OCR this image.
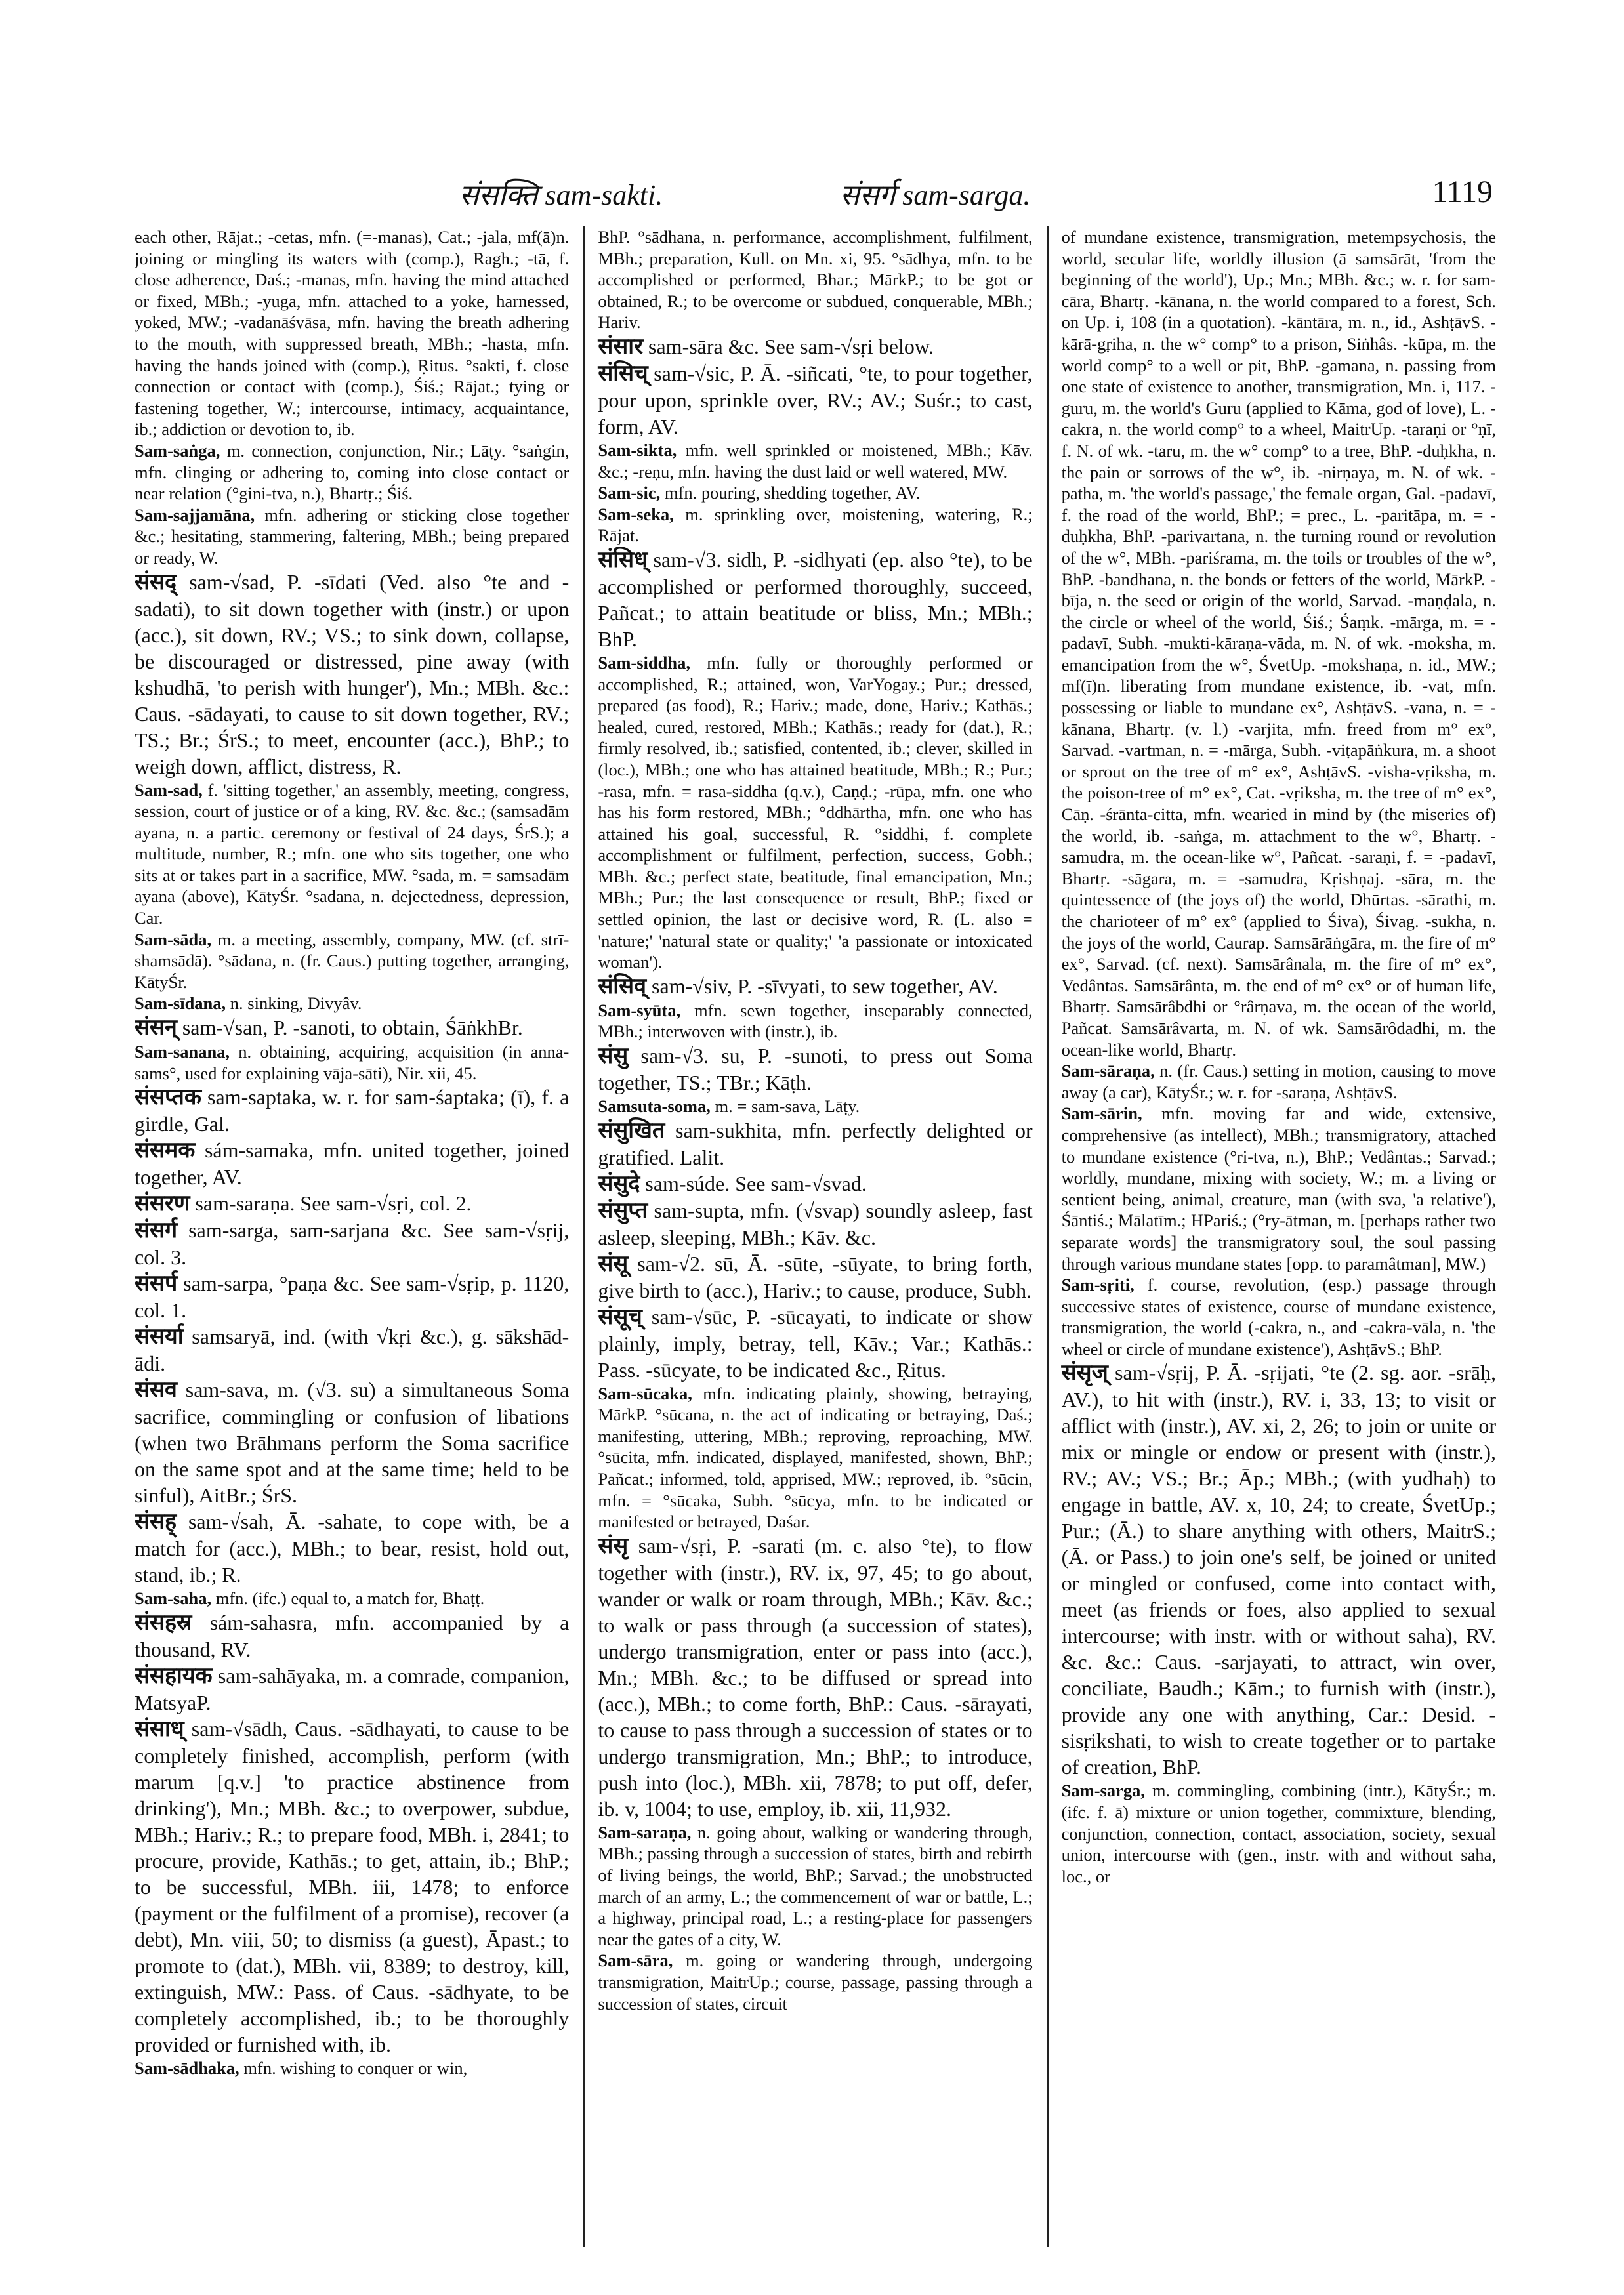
संसक्ति sam-sakti.	संसर्ग sam-sarga.	1119

each other, Rājat.; -cetas, mfn. (=-manas), Cat.; -jala, mf(ā)n. joining or mingling its waters with (comp.), Ragh.; -tā, f. close adherence, Daś.; -manas, mfn. having the mind attached or fixed, MBh.; -yuga, mfn. attached to a yoke, harnessed, yoked, MW.; -vadanāśvāsa, mfn. having the breath adhering to the mouth, with suppressed breath, MBh.; -hasta, mfn. having the hands joined with (comp.), Ṛitus. °sakti, f. close connection or contact with (comp.), Śiś.; Rājat.; tying or fastening together, W.; intercourse, intimacy, acquaintance, ib.; addiction or devotion to, ib.

Sam-saṅga, m. connection, conjunction, Nir.; Lāṭy. °saṅgin, mfn. clinging or adhering to, coming into close contact or near relation (°gini-tva, n.), Bhartṛ.; Śiś.

Sam-sajjamāna, mfn. adhering or sticking close together &c.; hesitating, stammering, faltering, MBh.; being prepared or ready, W.

संसद् sam-√sad, P. -sīdati (Ved. also °te and -sadati), to sit down together with (instr.) or upon (acc.), sit down, RV.; VS.; to sink down, collapse, be discouraged or distressed, pine away (with kshudhā, 'to perish with hunger'), Mn.; MBh. &c.: Caus. -sādayati, to cause to sit down together, RV.; TS.; Br.; ŚrS.; to meet, encounter (acc.), BhP.; to weigh down, afflict, distress, R.

Sam-sad, f. 'sitting together,' an assembly, meeting, congress, session, court of justice or of a king, RV. &c. &c.; (samsadām ayana, n. a partic. ceremony or festival of 24 days, ŚrS.); a multitude, number, R.; mfn. one who sits together, one who sits at or takes part in a sacrifice, MW. °sada, m. = samsadām ayana (above), KātyŚr. °sadana, n. dejectedness, depression, Car.

Sam-sāda, m. a meeting, assembly, company, MW. (cf. strī-shamsādā). °sādana, n. (fr. Caus.) putting together, arranging, KātyŚr.

Sam-sīdana, n. sinking, Divyâv.

संसन् sam-√san, P. -sanoti, to obtain, ŚāṅkhBr.

Sam-sanana, n. obtaining, acquiring, acquisition (in anna-sams°, used for explaining vāja-sāti), Nir. xii, 45.

संसप्तक sam-saptaka, w. r. for sam-śaptaka; (ī), f. a girdle, Gal.

संसमक sám-samaka, mfn. united together, joined together, AV.

संसरण sam-saraṇa. See sam-√sṛi, col. 2.

संसर्ग sam-sarga, sam-sarjana &c. See sam-√sṛij, col. 3.

संसर्प sam-sarpa, °paṇa &c. See sam-√sṛip, p. 1120, col. 1.

संसर्या samsaryā, ind. (with √kṛi &c.), g. sākshād-ādi.

संसव sam-sava, m. (√3. su) a simultaneous Soma sacrifice, commingling or confusion of libations (when two Brāhmans perform the Soma sacrifice on the same spot and at the same time; held to be sinful), AitBr.; ŚrS.

संसह् sam-√sah, Ā. -sahate, to cope with, be a match for (acc.), MBh.; to bear, resist, hold out, stand, ib.; R.

Sam-saha, mfn. (ifc.) equal to, a match for, Bhaṭṭ.

संसहस्र sám-sahasra, mfn. accompanied by a thousand, RV.

संसहायक sam-sahāyaka, m. a comrade, companion, MatsyaP.

संसाध् sam-√sādh, Caus. -sādhayati, to cause to be completely finished, accomplish, perform (with marum [q.v.] 'to practice abstinence from drinking'), Mn.; MBh. &c.; to overpower, subdue, MBh.; Hariv.; R.; to prepare food, MBh. i, 2841; to procure, provide, Kathās.; to get, attain, ib.; BhP.; to be successful, MBh. iii, 1478; to enforce (payment or the fulfilment of a promise), recover (a debt), Mn. viii, 50; to dismiss (a guest), Āpast.; to promote to (dat.), MBh. vii, 8389; to destroy, kill, extinguish, MW.: Pass. of Caus. -sādhyate, to be completely accomplished, ib.; to be thoroughly provided or furnished with, ib.

Sam-sādhaka, mfn. wishing to conquer or win,

BhP. °sādhana, n. performance, accomplishment, fulfilment, MBh.; preparation, Kull. on Mn. xi, 95. °sādhya, mfn. to be accomplished or performed, Bhar.; MārkP.; to be got or obtained, R.; to be overcome or subdued, conquerable, MBh.; Hariv.

संसार sam-sāra &c. See sam-√sṛi below.

संसिच् sam-√sic, P. Ā. -siñcati, °te, to pour together, pour upon, sprinkle over, RV.; AV.; Suśr.; to cast, form, AV.

Sam-sikta, mfn. well sprinkled or moistened, MBh.; Kāv. &c.; -reṇu, mfn. having the dust laid or well watered, MW.

Sam-sic, mfn. pouring, shedding together, AV.

Sam-seka, m. sprinkling over, moistening, watering, R.; Rājat.

संसिध् sam-√3. sidh, P. -sidhyati (ep. also °te), to be accomplished or performed thoroughly, succeed, Pañcat.; to attain beatitude or bliss, Mn.; MBh.; BhP.

Sam-siddha, mfn. fully or thoroughly performed or accomplished, R.; attained, won, VarYogay.; Pur.; dressed, prepared (as food), R.; Hariv.; made, done, Hariv.; Kathās.; healed, cured, restored, MBh.; Kathās.; ready for (dat.), R.; firmly resolved, ib.; satisfied, contented, ib.; clever, skilled in (loc.), MBh.; one who has attained beatitude, MBh.; R.; Pur.; -rasa, mfn. = rasa-siddha (q.v.), Caṇḍ.; -rūpa, mfn. one who has his form restored, MBh.; °ddhārtha, mfn. one who has attained his goal, successful, R. °siddhi, f. complete accomplishment or fulfilment, perfection, success, Gobh.; MBh. &c.; perfect state, beatitude, final emancipation, Mn.; MBh.; Pur.; the last consequence or result, BhP.; fixed or settled opinion, the last or decisive word, R. (L. also = 'nature;' 'natural state or quality;' 'a passionate or intoxicated woman').

संसिव् sam-√siv, P. -sīvyati, to sew together, AV.

Sam-syūta, mfn. sewn together, inseparably connected, MBh.; interwoven with (instr.), ib.

संसु sam-√3. su, P. -sunoti, to press out Soma together, TS.; TBr.; Kāṭh.

Samsuta-soma, m. = sam-sava, Lāṭy.

संसुखित sam-sukhita, mfn. perfectly delighted or gratified. Lalit.

संसुदे sam-súde. See sam-√svad.

संसुप्त sam-supta, mfn. (√svap) soundly asleep, fast asleep, sleeping, MBh.; Kāv. &c.

संसू sam-√2. sū, Ā. -sūte, -sūyate, to bring forth, give birth to (acc.), Hariv.; to cause, produce, Subh.

संसूच् sam-√sūc, P. -sūcayati, to indicate or show plainly, imply, betray, tell, Kāv.; Var.; Kathās.: Pass. -sūcyate, to be indicated &c., Ṛitus.

Sam-sūcaka, mfn. indicating plainly, showing, betraying, MārkP. °sūcana, n. the act of indicating or betraying, Daś.; manifesting, uttering, MBh.; reproving, reproaching, MW. °sūcita, mfn. indicated, displayed, manifested, shown, BhP.; Pañcat.; informed, told, apprised, MW.; reproved, ib. °sūcin, mfn. = °sūcaka, Subh. °sūcya, mfn. to be indicated or manifested or betrayed, Daśar.

संसृ sam-√sṛi, P. -sarati (m. c. also °te), to flow together with (instr.), RV. ix, 97, 45; to go about, wander or walk or roam through, MBh.; Kāv. &c.; to walk or pass through (a succession of states), undergo transmigration, enter or pass into (acc.), Mn.; MBh. &c.; to be diffused or spread into (acc.), MBh.; to come forth, BhP.: Caus. -sārayati, to cause to pass through a succession of states or to undergo transmigration, Mn.; BhP.; to introduce, push into (loc.), MBh. xii, 7878; to put off, defer, ib. v, 1004; to use, employ, ib. xii, 11,932.

Sam-saraṇa, n. going about, walking or wandering through, MBh.; passing through a succession of states, birth and rebirth of living beings, the world, BhP.; Sarvad.; the unobstructed march of an army, L.; the commencement of war or battle, L.; a highway, principal road, L.; a resting-place for passengers near the gates of a city, W.

Sam-sāra, m. going or wandering through, undergoing transmigration, MaitrUp.; course, passage, passing through a succession of states, circuit

of mundane existence, transmigration, metempsychosis, the world, secular life, worldly illusion (ā samsārāt, 'from the beginning of the world'), Up.; Mn.; MBh. &c.; w. r. for sam-cāra, Bhartṛ. -kānana, n. the world compared to a forest, Sch. on Up. i, 108 (in a quotation). -kāntāra, m. n., id., AshṭāvS. -kārā-gṛiha, n. the w° comp° to a prison, Siṅhâs. -kūpa, m. the world comp° to a well or pit, BhP. -gamana, n. passing from one state of existence to another, transmigration, Mn. i, 117. -guru, m. the world's Guru (applied to Kāma, god of love), L. -cakra, n. the world comp° to a wheel, MaitrUp. -taraṇi or °ṇī, f. N. of wk. -taru, m. the w° comp° to a tree, BhP. -duḥkha, n. the pain or sorrows of the w°, ib. -nirṇaya, m. N. of wk. -patha, m. 'the world's passage,' the female organ, Gal. -padavī, f. the road of the world, BhP.; = prec., L. -paritāpa, m. = -duḥkha, BhP. -parivartana, n. the turning round or revolution of the w°, MBh. -pariśrama, m. the toils or troubles of the w°, BhP. -bandhana, n. the bonds or fetters of the world, MārkP. -bīja, n. the seed or origin of the world, Sarvad. -maṇḍala, n. the circle or wheel of the world, Śiś.; Śaṃk. -mārga, m. = -padavī, Subh. -mukti-kāraṇa-vāda, m. N. of wk. -moksha, m. emancipation from the w°, ŚvetUp. -mokshaṇa, n. id., MW.; mf(ī)n. liberating from mundane existence, ib. -vat, mfn. possessing or liable to mundane ex°, AshṭāvS. -vana, n. = -kānana, Bhartṛ. (v. l.) -varjita, mfn. freed from m° ex°, Sarvad. -vartman, n. = -mārga, Subh. -viṭapāṅkura, m. a shoot or sprout on the tree of m° ex°, AshṭāvS. -visha-vṛiksha, m. the poison-tree of m° ex°, Cat. -vṛiksha, m. the tree of m° ex°, Cāṇ. -śrānta-citta, mfn. wearied in mind by (the miseries of) the world, ib. -saṅga, m. attachment to the w°, Bhartṛ. -samudra, m. the ocean-like w°, Pañcat. -saraṇi, f. = -padavī, Bhartṛ. -sāgara, m. = -samudra, Kṛishṇaj. -sāra, m. the quintessence of (the joys of) the world, Dhūrtas. -sārathi, m. the charioteer of m° ex° (applied to Śiva), Śivag. -sukha, n. the joys of the world, Caurap. Samsārāṅgāra, m. the fire of m° ex°, Sarvad. (cf. next). Samsārânala, m. the fire of m° ex°, Vedântas. Samsārânta, m. the end of m° ex° or of human life, Bhartṛ. Samsārâbdhi or °rârṇava, m. the ocean of the world, Pañcat. Samsārâvarta, m. N. of wk. Samsārôdadhi, m. the ocean-like world, Bhartṛ.

Sam-sāraṇa, n. (fr. Caus.) setting in motion, causing to move away (a car), KātyŚr.; w. r. for -saraṇa, AshṭāvS.

Sam-sārin, mfn. moving far and wide, extensive, comprehensive (as intellect), MBh.; transmigratory, attached to mundane existence (°ri-tva, n.), BhP.; Vedântas.; Sarvad.; worldly, mundane, mixing with society, W.; m. a living or sentient being, animal, creature, man (with sva, 'a relative'), Śāntiś.; Mālatīm.; HPariś.; (°ry-ātman, m. [perhaps rather two separate words] the transmigratory soul, the soul passing through various mundane states [opp. to paramâtman], MW.)

Sam-sṛiti, f. course, revolution, (esp.) passage through successive states of existence, course of mundane existence, transmigration, the world (-cakra, n., and -cakra-vāla, n. 'the wheel or circle of mundane existence'), AshṭāvS.; BhP.

संसृज् sam-√sṛij, P. Ā. -sṛijati, °te (2. sg. aor. -srāḥ, AV.), to hit with (instr.), RV. i, 33, 13; to visit or afflict with (instr.), AV. xi, 2, 26; to join or unite or mix or mingle or endow or present with (instr.), RV.; AV.; VS.; Br.; Āp.; MBh.; (with yudhaḥ) to engage in battle, AV. x, 10, 24; to create, ŚvetUp.; Pur.; (Ā.) to share anything with others, MaitrS.; (Ā. or Pass.) to join one's self, be joined or united or mingled or confused, come into contact with, meet (as friends or foes, also applied to sexual intercourse; with instr. with or without saha), RV. &c. &c.: Caus. -sarjayati, to attract, win over, conciliate, Baudh.; Kām.; to furnish with (instr.), provide any one with anything, Car.: Desid. -sisṛikshati, to wish to create together or to partake of creation, BhP.

Sam-sarga, m. commingling, combining (intr.), KātyŚr.; m. (ifc. f. ā) mixture or union together, commixture, blending, conjunction, connection, contact, association, society, sexual union, intercourse with (gen., instr. with and without saha, loc., or
